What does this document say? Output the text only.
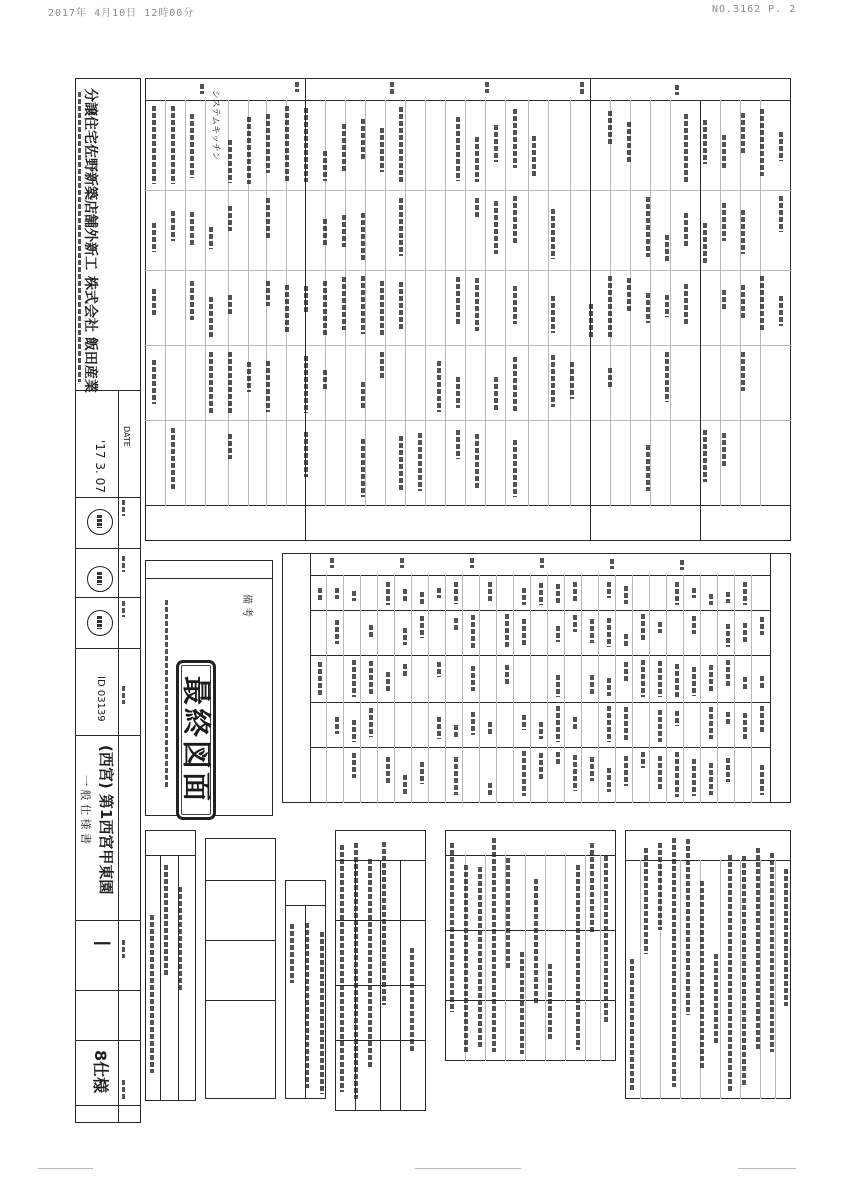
2017年 4月10日 12時00分	NO.3162 P. 2
分譲住宅佐野新築店舗外新工
株式会社 飯田産業
DATE
'17 3. 07
ID 03139
(西宮) 第1西宮甲東園
一 般 仕 様 書
I
8仕様
システムキッチン
備 考
最終図面
